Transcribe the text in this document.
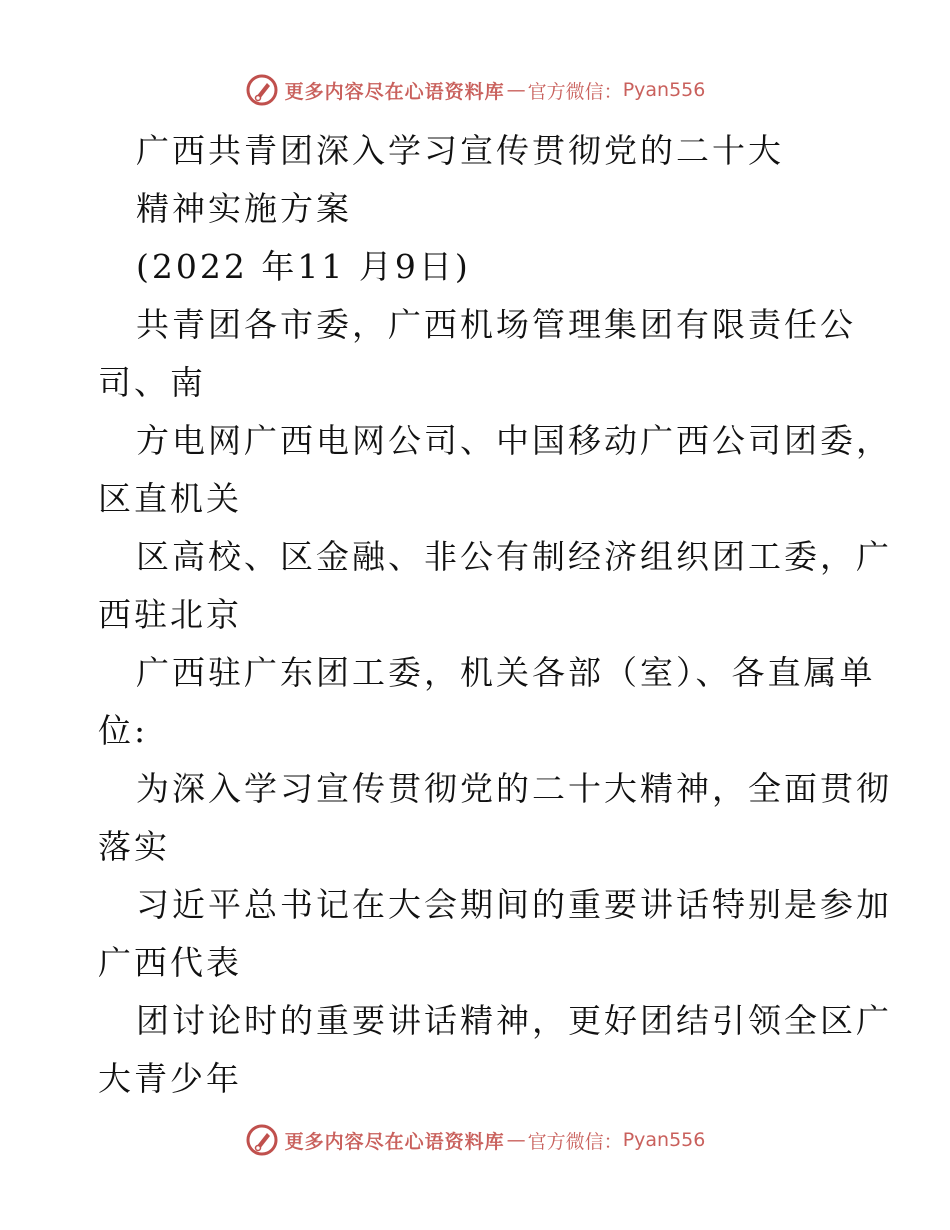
更多内容尽在心语资料库 — 官方微信： Pyan556
广西共青团深入学习宣传贯彻党的二十大
精神实施方案
(2022 年11 月9日)
共青团各市委，广西机场管理集团有限责任公
司、南
方电网广西电网公司、中国移动广西公司团委，
区直机关
区高校、区金融、非公有制经济组织团工委，广
西驻北京
广西驻广东团工委，机关各部（室）、各直属单
位:
为深入学习宣传贯彻党的二十大精神，全面贯彻
落实
习近平总书记在大会期间的重要讲话特别是参加
广西代表
团讨论时的重要讲话精神，更好团结引领全区广
大青少年
更多内容尽在心语资料库 — 官方微信： Pyan556
